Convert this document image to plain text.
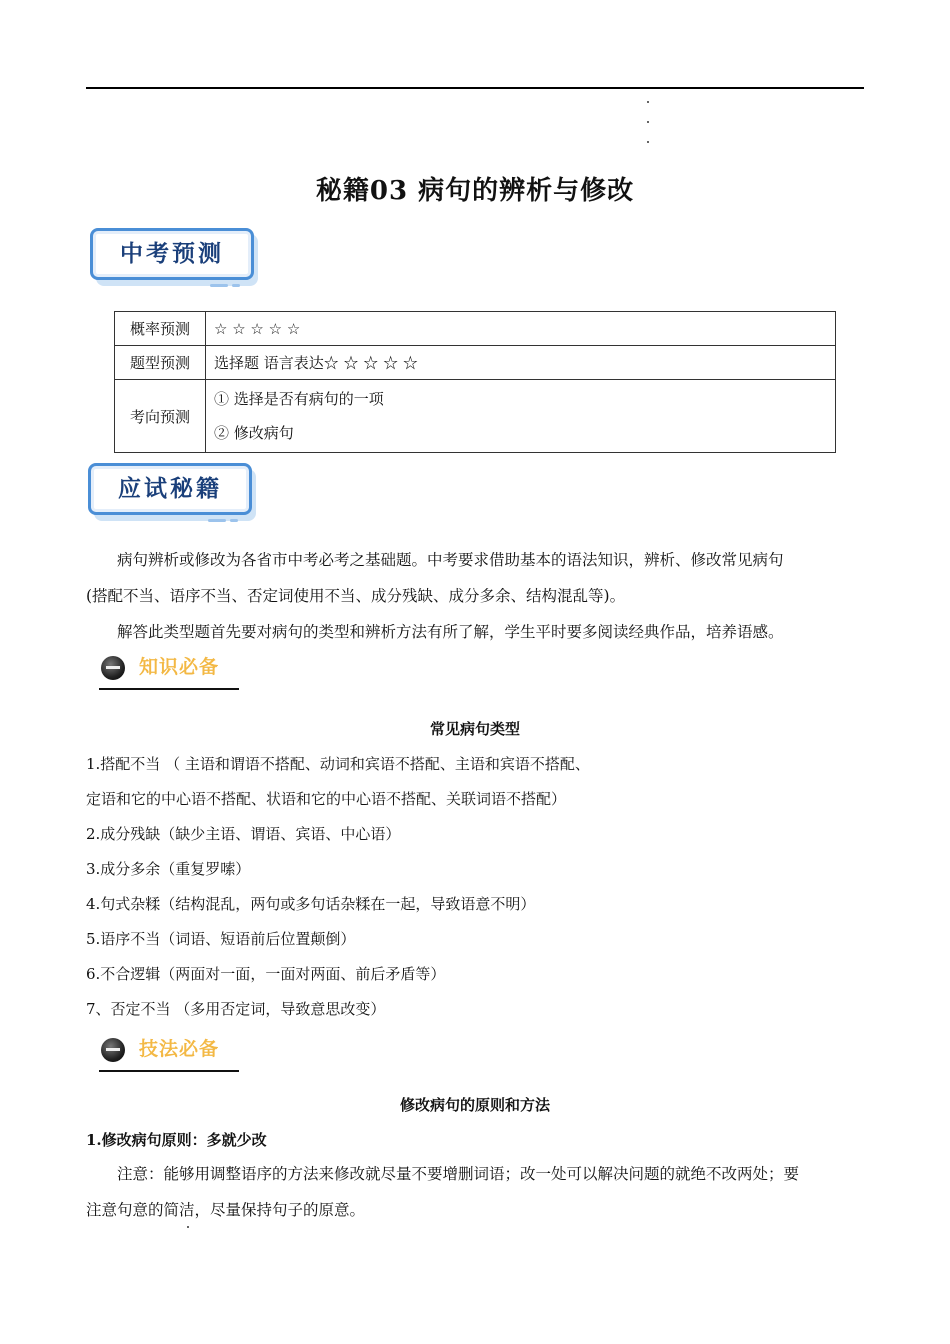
秘籍03 病句的辨析与修改
中考预测
概率预测	☆ ☆ ☆ ☆ ☆
题型预测	选择题 语言表达☆ ☆ ☆ ☆ ☆
考向预测	① 选择是否有病句的一项
② 修改病句
应试秘籍
病句辨析或修改为各省市中考必考之基础题。中考要求借助基本的语法知识，辨析、修改常见病句
(搭配不当、语序不当、否定词使用不当、成分残缺、成分多余、结构混乱等)。
解答此类型题首先要对病句的类型和辨析方法有所了解，学生平时要多阅读经典作品，培养语感。
知识必备
常见病句类型
1.搭配不当 （ 主语和谓语不搭配、动词和宾语不搭配、主语和宾语不搭配、
定语和它的中心语不搭配、状语和它的中心语不搭配、关联词语不搭配）
2.成分残缺（缺少主语、谓语、宾语、中心语）
3.成分多余（重复罗嗦）
4.句式杂糅（结构混乱，两句或多句话杂糅在一起，导致语意不明）
5.语序不当（词语、短语前后位置颠倒）
6.不合逻辑（两面对一面，一面对两面、前后矛盾等）
7、否定不当 （多用否定词，导致意思改变）
技法必备
修改病句的原则和方法
1.修改病句原则：多就少改
注意：能够用调整语序的方法来修改就尽量不要增删词语；改一处可以解决问题的就绝不改两处；要
注意句意的简洁，尽量保持句子的原意。
